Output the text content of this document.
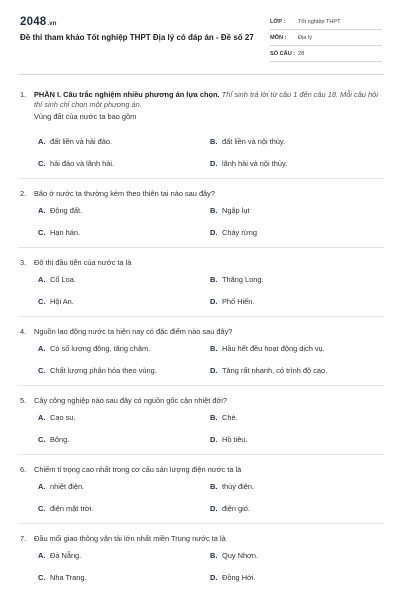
2048.vn
Đề thi tham khảo Tốt nghiệp THPT Địa lý có đáp án - Đề số 27
LỚP :	Tốt nghiệp THPT
MÔN :	Địa lý
SỐ CÂU : 28
1. PHẦN I. Câu trắc nghiệm nhiều phương án lựa chọn. Thí sinh trả lời từ câu 1 đến câu 18. Mỗi câu hỏi thí sinh chỉ chọn một phương án.
Vùng đất của nước ta bao gồm
A. đất liền và hải đảo.	B. đất liền và nội thủy.
C. hải đảo và lãnh hải.	D. lãnh hải và nội thủy.
2. Bão ở nước ta thường kèm theo thiên tai nào sau đây?
A. Động đất.	B. Ngập lụt
C. Hạn hán.	D. Cháy rừng
3. Đô thị đầu tiên của nước ta là
A. Cổ Loa.	B. Thăng Long.
C. Hội An.	D. Phố Hiến.
4. Nguồn lao động nước ta hiện nay có đặc điểm nào sau đây?
A. Có số lượng đông, tăng chậm.	B. Hầu hết đều hoạt động dịch vụ.
C. Chất lượng phân hóa theo vùng.	D. Tăng rất nhanh, có trình độ cao.
5. Cây công nghiệp nào sau đây có nguồn gốc cận nhiệt đới?
A. Cao su.	B. Chè.
C. Bông.	D. Hồ tiêu.
6. Chiếm tỉ trọng cao nhất trong cơ cấu sản lượng điện nước ta là
A. nhiệt điện.	B. thủy điện.
C. điện mặt trời.	D. điện gió.
7. Đầu mối giao thông vận tải lớn nhất miền Trung nước ta là
A. Đà Nẵng.	B. Quy Nhơn.
C. Nha Trang.	D. Đồng Hới.
